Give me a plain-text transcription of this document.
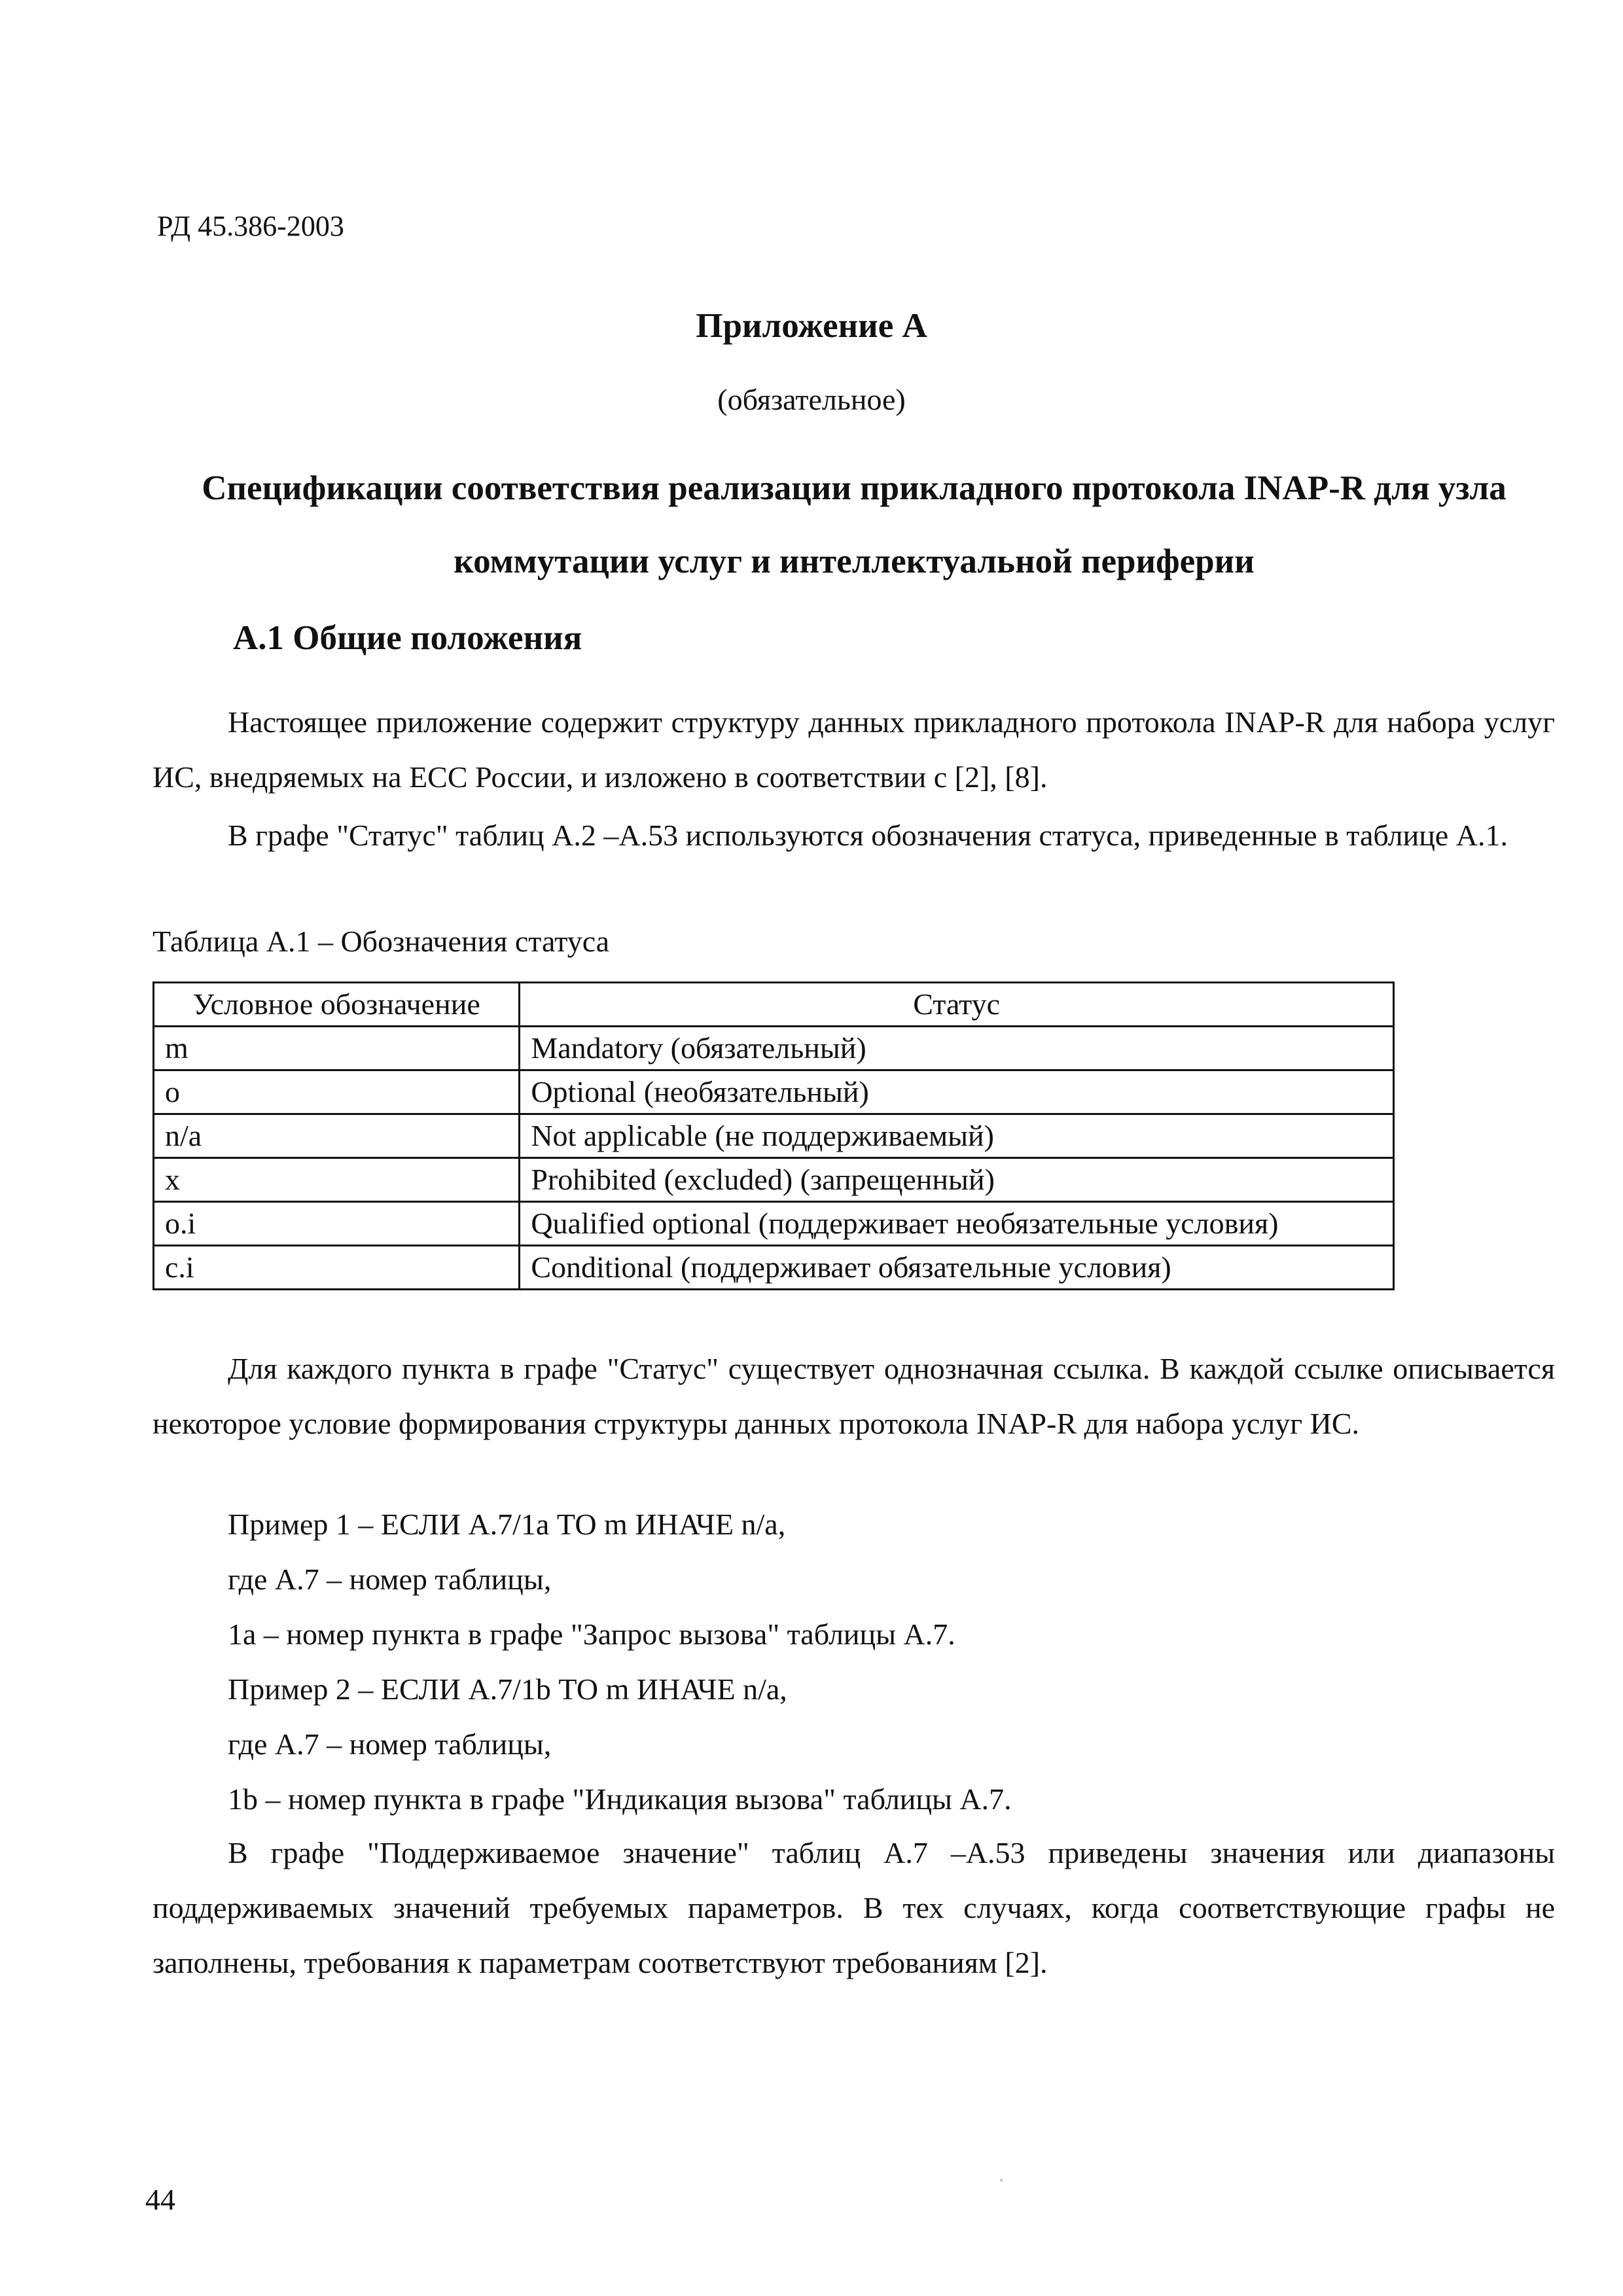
РД 45.386-2003
Приложение А
(обязательное)
Спецификации соответствия реализации прикладного протокола INAP-R для узла коммутации услуг и интеллектуальной периферии
А.1 Общие положения
Настоящее приложение содержит структуру данных прикладного протокола INAP-R для набора услуг ИС, внедряемых на ЕСС России, и изложено в соответствии с [2], [8].
В графе "Статус" таблиц А.2 –А.53 используются обозначения статуса, приведенные в таблице А.1.
Таблица А.1 – Обозначения статуса
Условное обозначение	Статус
m	Mandatory (обязательный)
o	Optional (необязательный)
n/a	Not applicable (не поддерживаемый)
x	Prohibited (excluded) (запрещенный)
o.i	Qualified optional (поддерживает необязательные условия)
c.i	Conditional (поддерживает обязательные условия)
Для каждого пункта в графе "Статус" существует однозначная ссылка. В каждой ссылке описывается некоторое условие формирования структуры данных протокола INAP-R для набора услуг ИС.
Пример 1 – ЕСЛИ А.7/1a ТО m ИНАЧЕ n/a,
где А.7 – номер таблицы,
1a – номер пункта в графе "Запрос вызова" таблицы А.7.
Пример 2 – ЕСЛИ А.7/1b ТО m ИНАЧЕ n/a,
где А.7 – номер таблицы,
1b – номер пункта в графе "Индикация вызова" таблицы А.7.
В графе "Поддерживаемое значение" таблиц А.7 –А.53 приведены значения или диапазоны поддерживаемых значений требуемых параметров. В тех случаях, когда соответствующие графы не заполнены, требования к параметрам соответствуют требованиям [2].
44
